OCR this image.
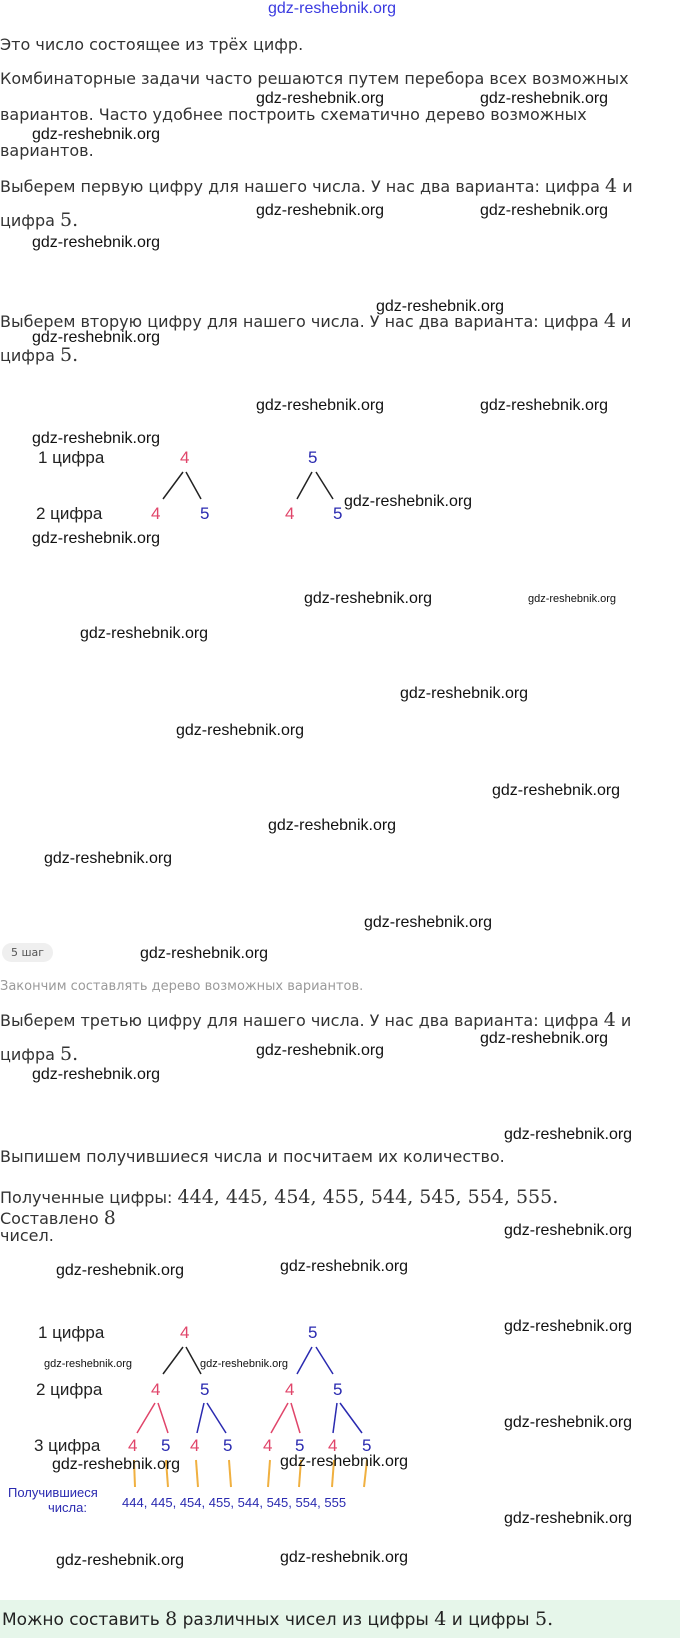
gdz-reshebnik.org

Это число состоящее из трёх цифр.

Комбинаторные задачи часто решаются путем перебора всех возможных

вариантов. Часто удобнее построить схематично дерево возможных

вариантов.

Выберем первую цифру для нашего числа. У нас два варианта: цифра 4 и

цифра 5.

Выберем вторую цифру для нашего числа. У нас два варианта: цифра 4 и

цифра 5.

1 цифра
2 цифра
4	5
4 5	4 5
5 шаг

Закончим составлять дерево возможных вариантов.

Выберем третью цифру для нашего числа. У нас два варианта: цифра 4 и

цифра 5.

Выпишем получившиеся числа и посчитаем их количество.

Полученные цифры: 444, 445, 454, 455, 544, 545, 554, 555. Составлено 8

чисел.

1 цифра
2 цифра
3 цифра
4	5
4 5	4 5
4 5 4 5 4 5 4 5
Получившиеся
числа:	444, 445, 454, 455, 544, 545, 554, 555
gdz-reshebnik.org	gdz-reshebnik.org
gdz-reshebnik.org
gdz-reshebnik.org	gdz-reshebnik.org
gdz-reshebnik.org
gdz-reshebnik.org
gdz-reshebnik.org
gdz-reshebnik.org	gdz-reshebnik.org
gdz-reshebnik.org
gdz-reshebnik.org
gdz-reshebnik.org
gdz-reshebnik.org	gdz-reshebnik.org
gdz-reshebnik.org
gdz-reshebnik.org
gdz-reshebnik.org
gdz-reshebnik.org
gdz-reshebnik.org
gdz-reshebnik.org
gdz-reshebnik.org
gdz-reshebnik.org
gdz-reshebnik.org
gdz-reshebnik.org
gdz-reshebnik.org
gdz-reshebnik.org
gdz-reshebnik.org
gdz-reshebnik.org	gdz-reshebnik.org
gdz-reshebnik.org
gdz-reshebnik.org	gdz-reshebnik.org
gdz-reshebnik.org
gdz-reshebnik.org	gdz-reshebnik.org
gdz-reshebnik.org
gdz-reshebnik.org	gdz-reshebnik.org
Можно составить 8 различных чисел из цифры 4 и цифры 5.
